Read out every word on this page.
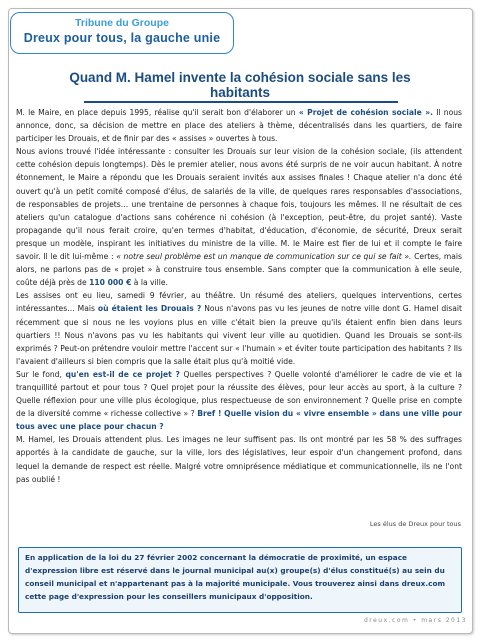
Tribune du Groupe
Dreux pour tous, la gauche unie
Quand M. Hamel invente la cohésion sociale sans les habitants

M. le Maire, en place depuis 1995, réalise qu'il serait bon d'élaborer un « Projet de cohésion sociale ». Il nous annonce, donc, sa décision de mettre en place des ateliers à thème, décentralisés dans les quartiers, de faire participer les Drouais, et de finir par des « assises » ouvertes à tous.

Nous avions trouvé l'idée intéressante : consulter les Drouais sur leur vision de la cohésion sociale, (ils attendent cette cohésion depuis longtemps). Dès le premier atelier, nous avons été surpris de ne voir aucun habitant. À notre étonnement, le Maire a répondu que les Drouais seraient invités aux assises finales ! Chaque atelier n'a donc été ouvert qu'à un petit comité composé d'élus, de salariés de la ville, de quelques rares responsables d'associations, de responsables de projets… une trentaine de personnes à chaque fois, toujours les mêmes. Il ne résultait de ces ateliers qu'un catalogue d'actions sans cohérence ni cohésion (à l'exception, peut-être, du projet santé). Vaste propagande qu'il nous ferait croire, qu'en termes d'habitat, d'éducation, d'économie, de sécurité, Dreux serait presque un modèle, inspirant les initiatives du ministre de la ville. M. le Maire est fier de lui et il compte le faire savoir. Il le dit lui-même : « notre seul problème est un manque de communication sur ce qui se fait ». Certes, mais alors, ne parlons pas de « projet » à construire tous ensemble. Sans compter que la communication à elle seule, coûte déjà près de 110 000 € à la ville.

Les assises ont eu lieu, samedi 9 février, au théâtre. Un résumé des ateliers, quelques interventions, certes intéressantes… Mais où étaient les Drouais ? Nous n'avons pas vu les jeunes de notre ville dont G. Hamel disait récemment que si nous ne les voyions plus en ville c'était bien la preuve qu'ils étaient enfin bien dans leurs quartiers !! Nous n'avons pas vu les habitants qui vivent leur ville au quotidien. Quand les Drouais se sont-ils exprimés ? Peut-on prétendre vouloir mettre l'accent sur « l'humain » et éviter toute participation des habitants ? Ils l'avaient d'ailleurs si bien compris que la salle était plus qu'à moitié vide.

Sur le fond, qu'en est-il de ce projet ? Quelles perspectives ? Quelle volonté d'améliorer le cadre de vie et la tranquillité partout et pour tous ? Quel projet pour la réussite des élèves, pour leur accès au sport, à la culture ? Quelle réflexion pour une ville plus écologique, plus respectueuse de son environnement ? Quelle prise en compte de la diversité comme « richesse collective » ? Bref ! Quelle vision du « vivre ensemble » dans une ville pour tous avec une place pour chacun ?

M. Hamel, les Drouais attendent plus. Les images ne leur suffisent pas. Ils ont montré par les 58 % des suffrages apportés à la candidate de gauche, sur la ville, lors des législatives, leur espoir d'un changement profond, dans lequel la demande de respect est réelle. Malgré votre omniprésence médiatique et communicationnelle, ils ne l'ont pas oublié !

Les élus de Dreux pour tous
En application de la loi du 27 février 2002 concernant la démocratie de proximité, un espace d'expression libre est réservé dans le journal municipal au(x) groupe(s) d'élus constitué(s) au sein du conseil municipal et n'appartenant pas à la majorité municipale. Vous trouverez ainsi dans dreux.com cette page d'expression pour les conseillers municipaux d'opposition.
dreux.com • mars 2013
